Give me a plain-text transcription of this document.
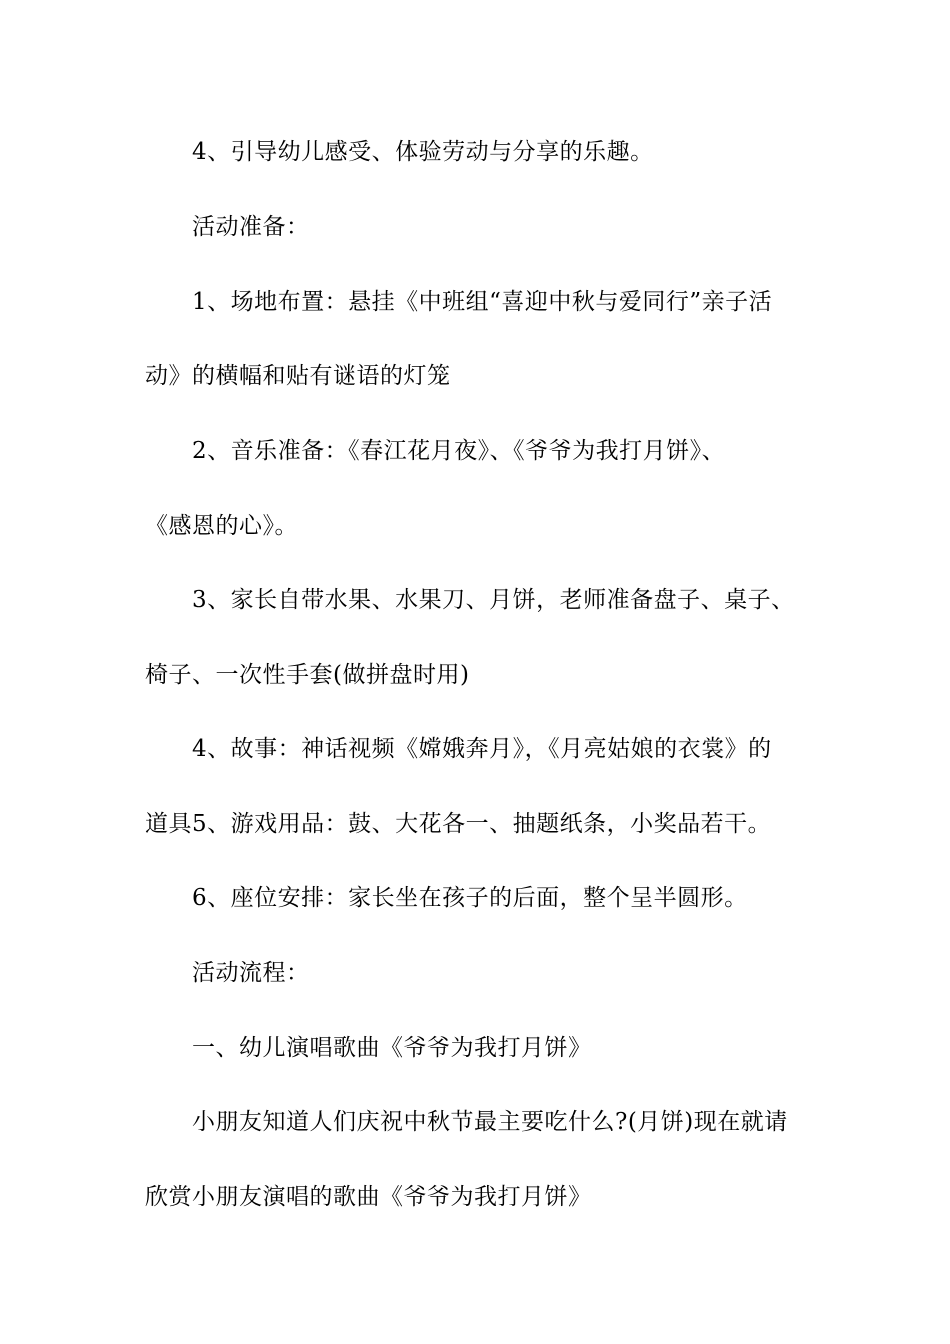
4、引导幼儿感受、体验劳动与分享的乐趣。
活动准备：
1、场地布置：悬挂《中班组“喜迎中秋与爱同行”亲子活
动》的横幅和贴有谜语的灯笼
2、音乐准备：《春江花月夜》、《爷爷为我打月饼》、
《感恩的心》。
3、家长自带水果、水果刀、月饼，老师准备盘子、桌子、
椅子、一次性手套(做拼盘时用)
4、故事：神话视频《嫦娥奔月》，《月亮姑娘的衣裳》的
道具5、游戏用品：鼓、大花各一、抽题纸条，小奖品若干。
6、座位安排：家长坐在孩子的后面，整个呈半圆形。
活动流程：
一、幼儿演唱歌曲《爷爷为我打月饼》
小朋友知道人们庆祝中秋节最主要吃什么?(月饼)现在就请
欣赏小朋友演唱的歌曲《爷爷为我打月饼》
